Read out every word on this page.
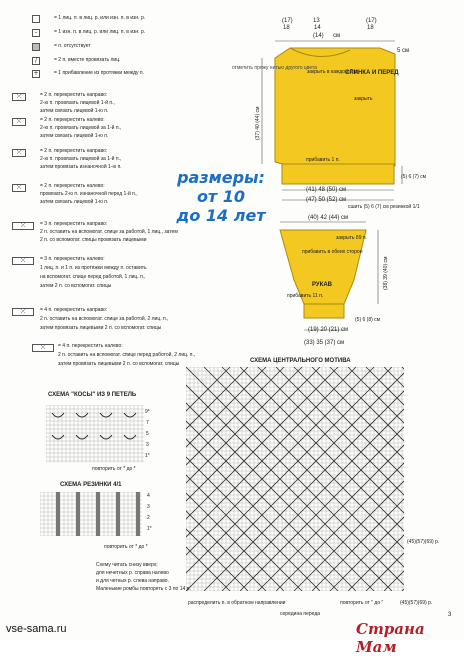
= 1 лиц. п. в лиц. р. или изн. п. в изн. р.
–	= 1 изн. п. в лиц. р. или лиц. п. в изн. р.
= п. отсутствует
/	= 2 п. вместе провязать лиц.
+	= 1 прибавление из протяжки между п.
⤫	= 2 п. перекрестить направо:
2-ю п. провязать лицевой 1-й п.,
затем связать лицевой 1-ю п.
⤬	= 2 п. перекрестить налево:
2-ю п. провязать лицевой за 1-й п.,
затем связать лицевой 1-ю п.
⤫	= 2 п. перекрестить направо:
2-ю п. провязать лицевой за 1-й п.,
затем провязать изнаночной 1-ю п.
⤬	= 2 п. перекрестить налево:
провязать 2-ю п. изнаночной перед 1-й п.,
затем связать лицевой 1-ю п.
⤫	= 3 п. перекрестить направо:
2 п. оставить на вспомогат. спице за работой, 1 лиц., затем
2 п. со вспомогат. спицы провязать лицевыми
⤬	= 3 п. перекрестить налево:
1 лиц. п. и 1 п. из протяжки между п. оставить
на вспомогат. спице перед работой, 1 лиц. п.,
затем 2 п. со вспомогат. спицы
⤫	= 4 п. перекрестить направо:
2 п. оставить на вспомогат. спице за работой, 2 лиц. п.,
затем провязать лицевыми 2 п. со вспомогат. спицы
⤬	= 4 п. перекрестить налево:
2 п. оставить на вспомогат. спице перед работой, 2 лиц. п.,
затем провязать лицевыми 2 п. со вспомогат. спицы
(17)
18
13
14
(14) см
(17)
18
5 см
СПИНКА И ПЕРЕД
отметить пряжу нитью другого цвета
закрыть в каждом 2 р.
закрыть
прибавить 1 п.
(41) 48 (50) см
(47) 50 (52) см
сшить (5) 6 (7) см резинкой 1/1
(5) 6 (7) см
(37) 40 (44) см
размеры:
от 10
до 14 лет	(40) 42 (44) см
закрыть 89 п.
прибавить в обеих сторон
РУКАВ
прибавить 11 п.
(19) 20 (21) см
(33) 35 (37) см
(5) 6 (8) см
(38) 39 (40) см
СХЕМА ЦЕНТРАЛЬНОГО МОТИВА
(45)(57)(69) р.
распределить п. в обратном направлении	повторить от " до "	(45)(57)(69) р.
середина переда
СХЕМА "КОСЫ" ИЗ 9 ПЕТЕЛЬ
9*
7
5
3
1*
повторить от * до *
СХЕМА РЕЗИНКИ 4/1
4
3
2
1*
повторить от * до *
Схему читать снизу вверх;
для нечетных р. справа налево
и для четных р. слева направо.
Маленькие ромбы повторять с 3 по 14 р.
vse-sama.ru	Страна Мам
3
